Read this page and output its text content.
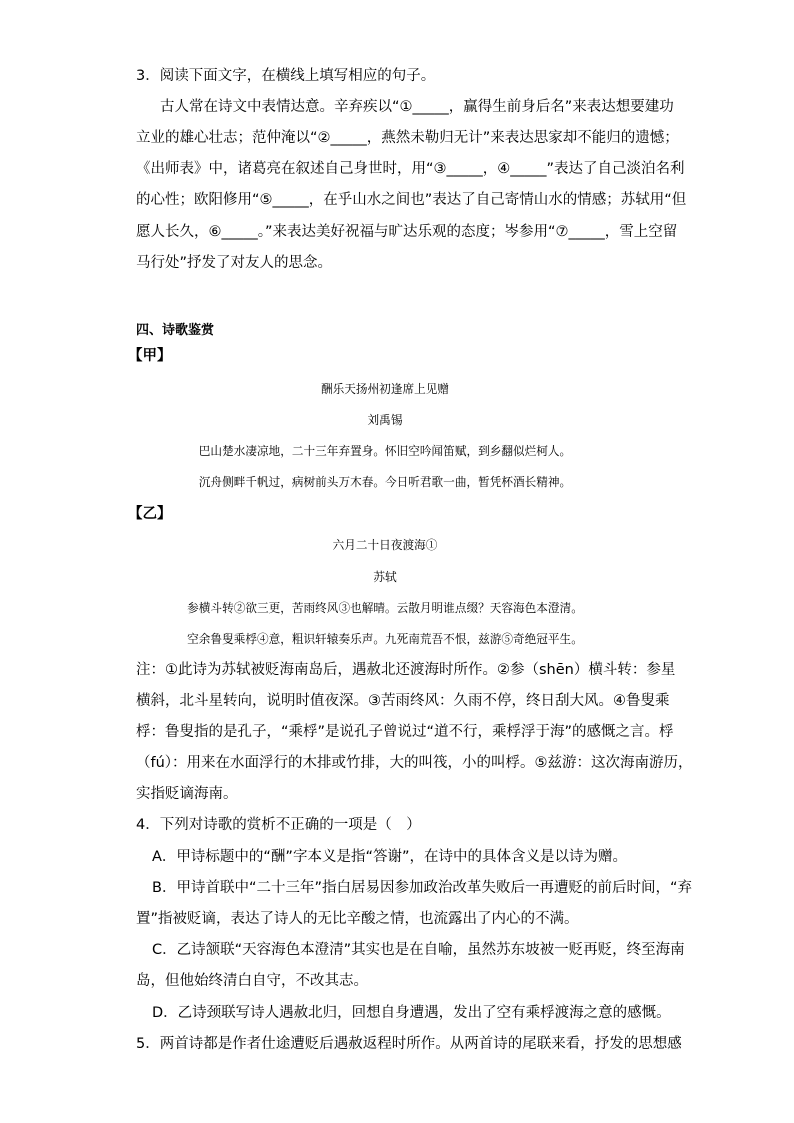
3．阅读下面文字，在横线上填写相应的句子。
古人常在诗文中表情达意。辛弃疾以“①_____，赢得生前身后名”来表达想要建功
立业的雄心壮志；范仲淹以“②_____，燕然未勒归无计”来表达思家却不能归的遗憾；
《出师表》中，诸葛亮在叙述自己身世时，用“③_____，④_____”表达了自己淡泊名利
的心性；欧阳修用“⑤_____，在乎山水之间也”表达了自己寄情山水的情感；苏轼用“但
愿人长久，⑥_____。”来表达美好祝福与旷达乐观的态度；岑参用“⑦_____，雪上空留
马行处”抒发了对友人的思念。
四、诗歌鉴赏
【甲】
酬乐天扬州初逢席上见赠
刘禹锡
巴山楚水凄凉地，二十三年弃置身。怀旧空吟闻笛赋，到乡翻似烂柯人。
沉舟侧畔千帆过，病树前头万木春。今日听君歌一曲，暂凭杯酒长精神。
【乙】
六月二十日夜渡海①
苏轼
参横斗转②欲三更，苦雨终风③也解晴。云散月明谁点缀？天容海色本澄清。
空余鲁叟乘桴④意，粗识轩辕奏乐声。九死南荒吾不恨，兹游⑤奇绝冠平生。
注：①此诗为苏轼被贬海南岛后，遇赦北还渡海时所作。②参（shēn）横斗转：参星
横斜，北斗星转向，说明时值夜深。③苦雨终风：久雨不停，终日刮大风。④鲁叟乘
桴：鲁叟指的是孔子，“乘桴”是说孔子曾说过“道不行，乘桴浮于海”的感慨之言。桴
（fú）：用来在水面浮行的木排或竹排，大的叫筏，小的叫桴。⑤兹游：这次海南游历，
实指贬谪海南。
4．下列对诗歌的赏析不正确的一项是（　）
A．甲诗标题中的“酬”字本义是指“答谢”，在诗中的具体含义是以诗为赠。
B．甲诗首联中“二十三年”指白居易因参加政治改革失败后一再遭贬的前后时间，“弃
置”指被贬谪，表达了诗人的无比辛酸之情，也流露出了内心的不满。
C．乙诗颔联“天容海色本澄清”其实也是在自喻，虽然苏东坡被一贬再贬，终至海南
岛，但他始终清白自守，不改其志。
D．乙诗颈联写诗人遇赦北归，回想自身遭遇，发出了空有乘桴渡海之意的感慨。
5．两首诗都是作者仕途遭贬后遇赦返程时所作。从两首诗的尾联来看，抒发的思想感
